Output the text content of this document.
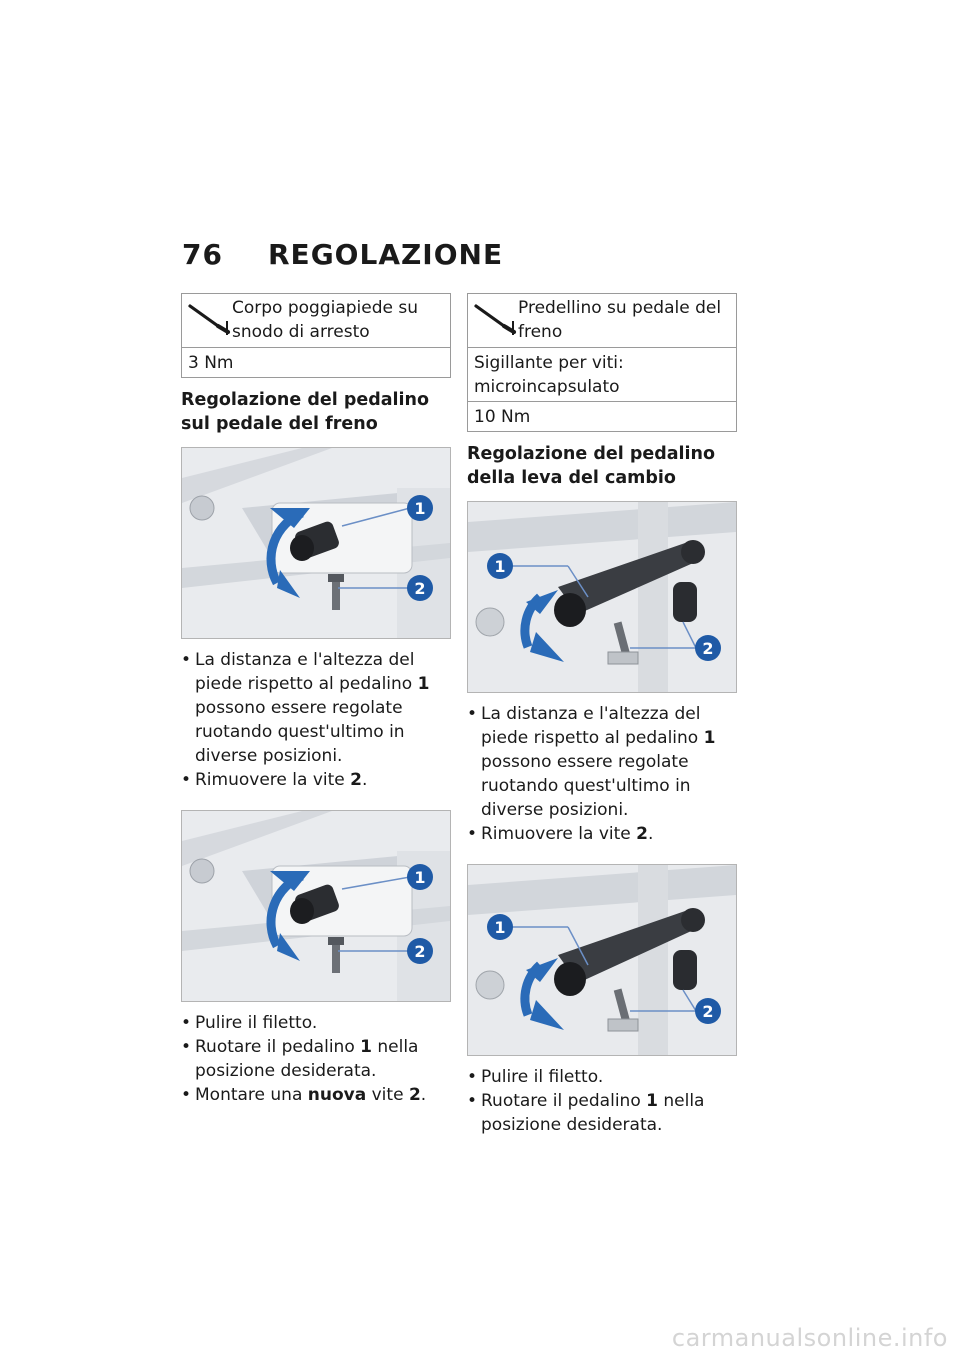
76	REGOLAZIONE
Corpo poggiapiede su snodo di arresto

3 Nm
Regolazione del pedalino sul pedale del freno
1
2
• La distanza e l'altezza del piede rispetto al pedalino 1 possono essere regolate ruotando quest'ultimo in diverse posizioni.
• Rimuovere la vite 2.
1
2
• Pulire il filetto.
• Ruotare il pedalino 1 nella posizione desiderata.
• Montare una nuova vite 2.
Predellino su pedale del freno

Sigillante per viti: microincapsulato
10 Nm
Regolazione del pedalino della leva del cambio
1
2
• La distanza e l'altezza del piede rispetto al pedalino 1 possono essere regolate ruotando quest'ultimo in diverse posizioni.
• Rimuovere la vite 2.
1
2
• Pulire il filetto.
• Ruotare il pedalino 1 nella posizione desiderata.
carmanualsonline.info
